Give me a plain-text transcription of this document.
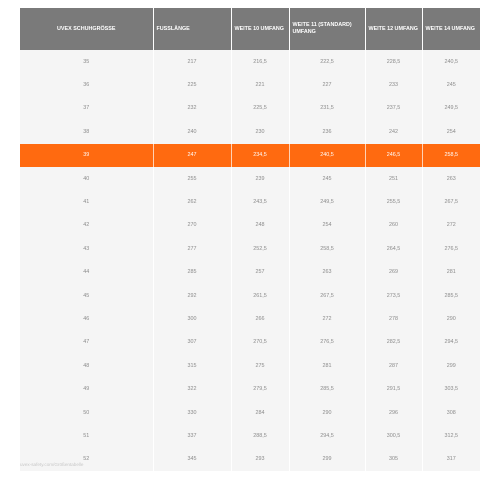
UVEX SCHUHGRÖSSE	FUSSLÄNGE	WEITE 10 UMFANG	WEITE 11 (STANDARD) UMFANG	WEITE 12 UMFANG	WEITE 14 UMFANG
35	217	216,5	222,5	228,5	240,5
36	225	221	227	233	245
37	232	225,5	231,5	237,5	249,5
38	240	230	236	242	254
39	247	234,5	240,5	246,5	258,5
40	255	239	245	251	263
41	262	243,5	249,5	255,5	267,5
42	270	248	254	260	272
43	277	252,5	258,5	264,5	276,5
44	285	257	263	269	281
45	292	261,5	267,5	273,5	285,5
46	300	266	272	278	290
47	307	270,5	276,5	282,5	294,5
48	315	275	281	287	299
49	322	279,5	285,5	291,5	303,5
50	330	284	290	296	308
51	337	288,5	294,5	300,5	312,5
52	345	293	299	305	317
uvex-safety.com/Größentabelle
